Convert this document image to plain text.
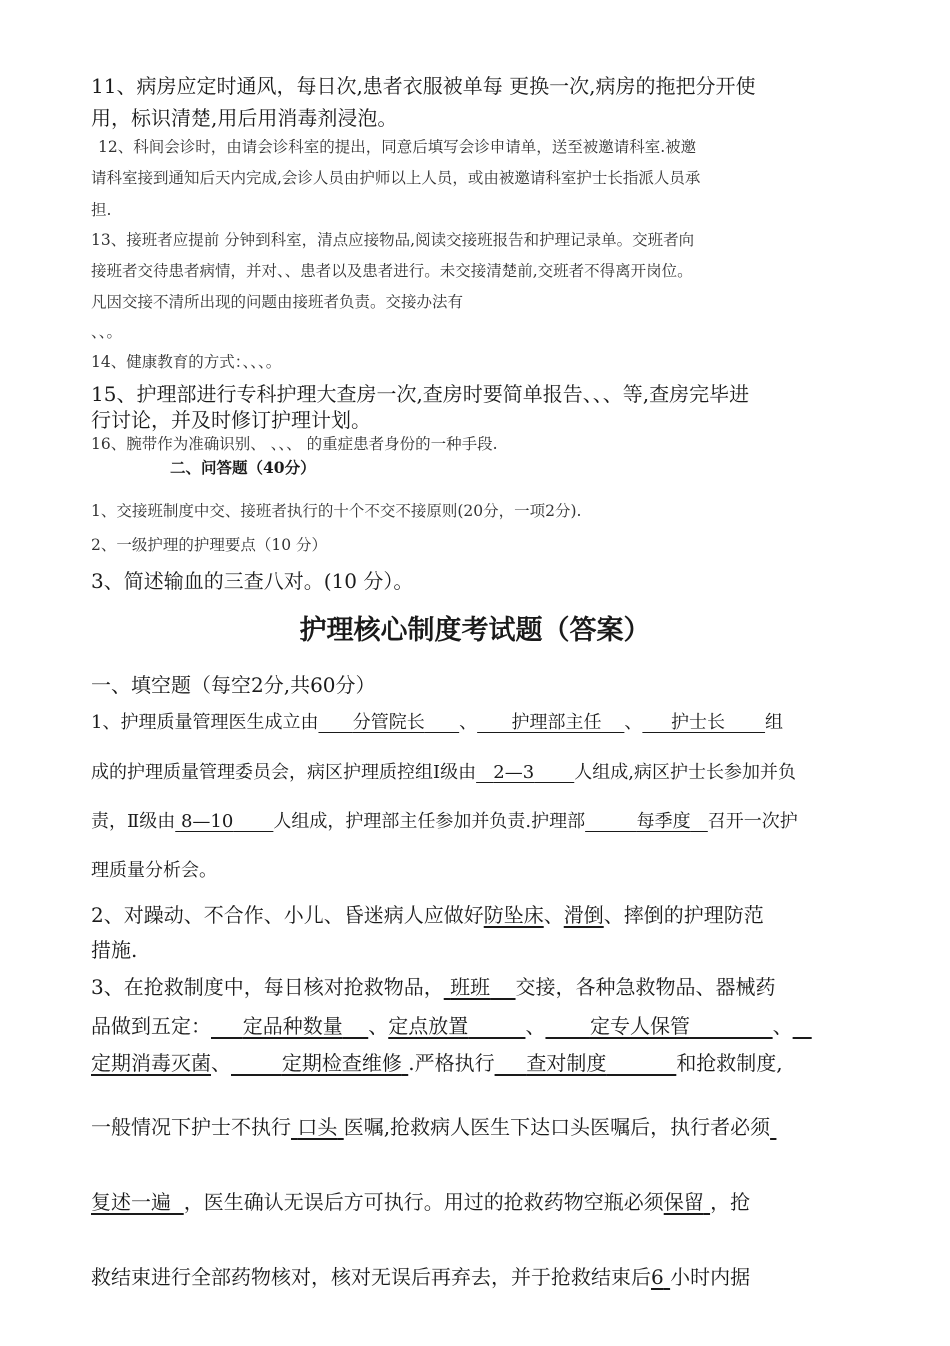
11、病房应定时通风，每日次,患者衣服被单每 更换一次,病房的拖把分开使
用，标识清楚,用后用消毒剂浸泡。
12、科间会诊时，由请会诊科室的提出，同意后填写会诊申请单，送至被邀请科室.被邀
请科室接到通知后天内完成,会诊人员由护师以上人员，或由被邀请科室护士长指派人员承
担.
13、接班者应提前 分钟到科室，清点应接物品,阅读交接班报告和护理记录单。交班者向
接班者交待患者病情，并对、、患者以及患者进行。未交接清楚前,交班者不得离开岗位。
凡因交接不清所出现的问题由接班者负责。交接办法有
、、。
14、健康教育的方式：、、、。
15、护理部进行专科护理大查房一次,查房时要简单报告、、、等,查房完毕进
行讨论，并及时修订护理计划。
16、腕带作为准确识别、 、、、 的重症患者身份的一种手段.
二、问答题（40分）
1、交接班制度中交、接班者执行的十个不交不接原则(20分，一项2分).
2、一级护理的护理要点（10 分）
3、简述输血的三查八对。(10 分）。
护理核心制度考试题（答案）
一、填空题（每空2分,共60分）
1、护理质量管理医生成立由 分管院长 、 护理部主任 、 护士长 组
成的护理质量管理委员会，病区护理质控组Ⅰ级由 2—3 人组成,病区护士长参加并负
责，Ⅱ级由 8—10 人组成，护理部主任参加并负责.护理部	每季度 召开一次护
理质量分析会。
2、对躁动、不合作、小儿、昏迷病人应做好防坠床、滑倒、摔倒的护理防范
措施.
3、在抢救制度中，每日核对抢救物品， 班班 交接，各种急救物品、器械药
品做到五定： 定品种数量 、定点放置	、 定专人保管	、
定期消毒灭菌、	定期检查维修 .严格执行 查对制度	和抢救制度,
一般情况下护士不执行 口头 医嘱,抢救病人医生下达口头医嘱后，执行者必须
复述一遍 ，医生确认无误后方可执行。用过的抢救药物空瓶必须保留 ，抢
救结束进行全部药物核对，核对无误后再弃去，并于抢救结束后6 小时内据
